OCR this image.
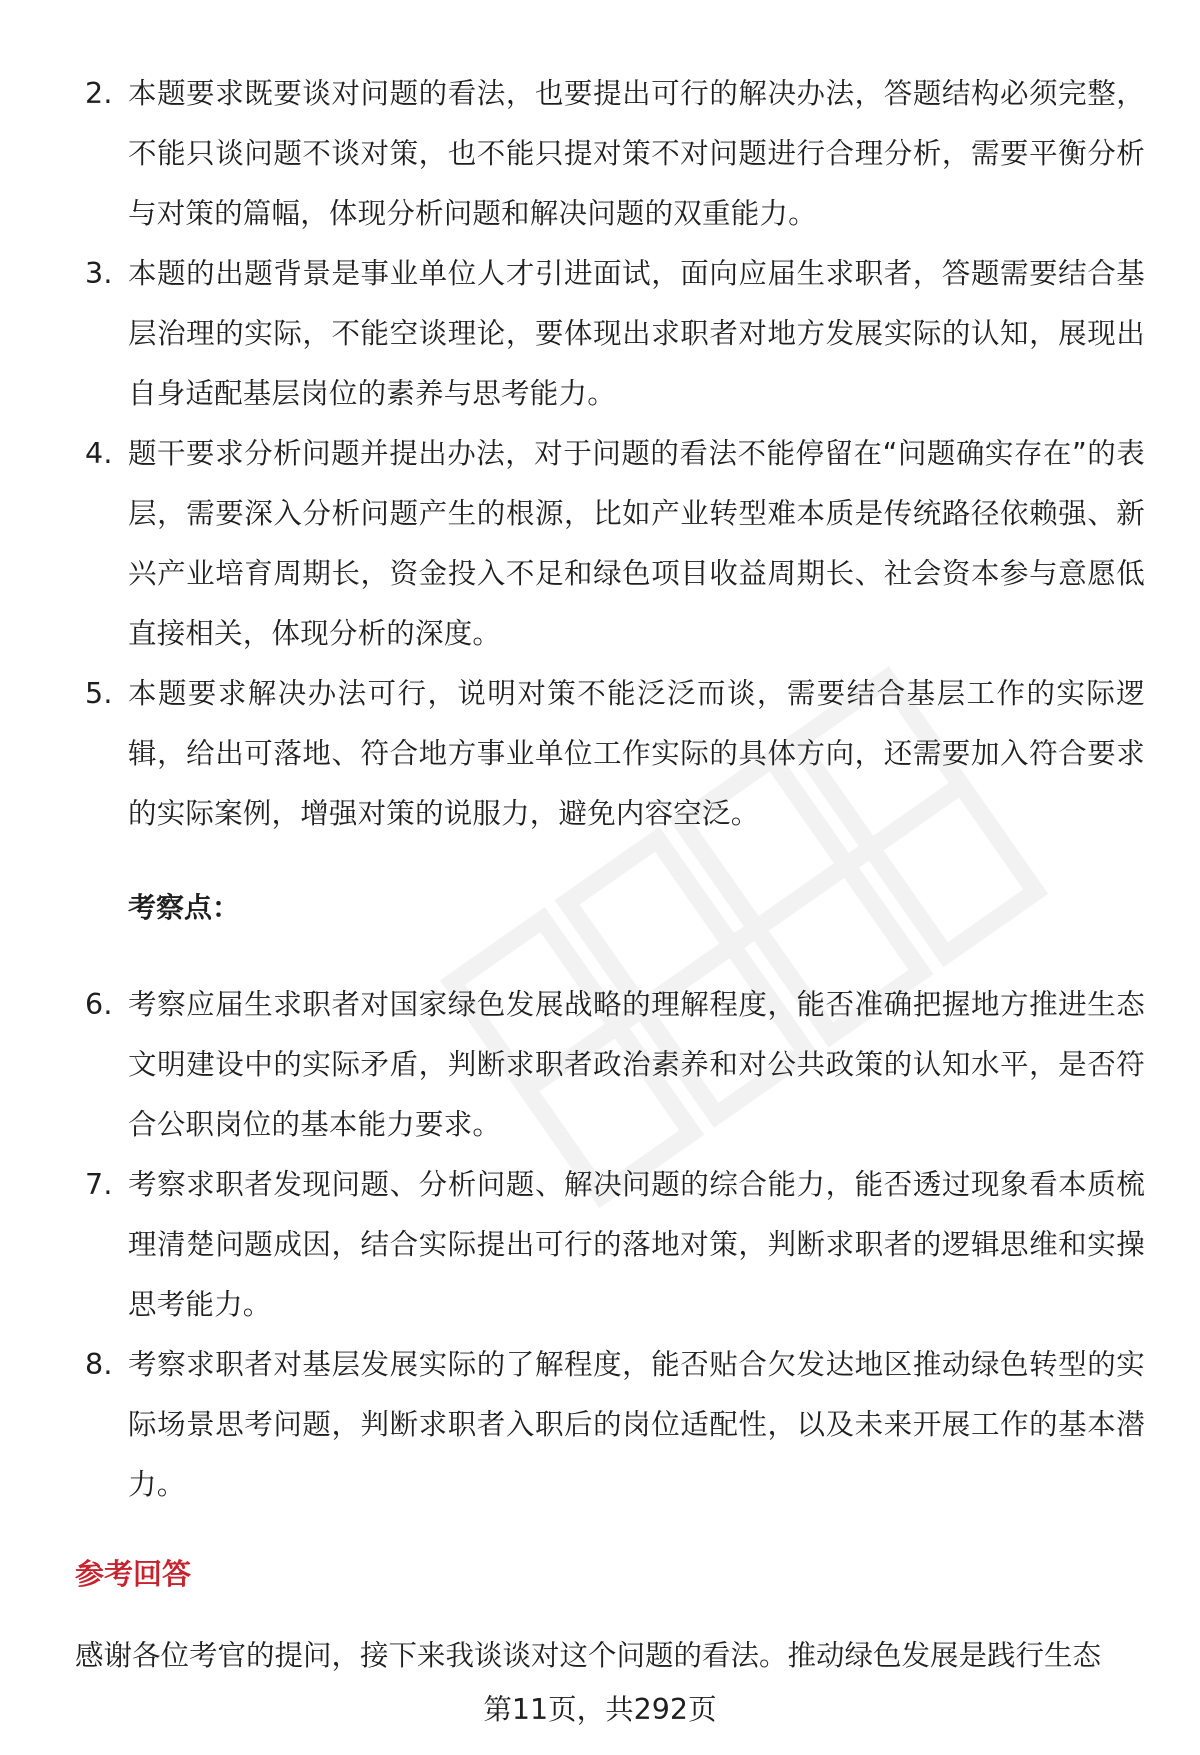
2. 本题要求既要谈对问题的看法，也要提出可行的解决办法，答题结构必须完整，不能只谈问题不谈对策，也不能只提对策不对问题进行合理分析，需要平衡分析与对策的篇幅，体现分析问题和解决问题的双重能力。
3. 本题的出题背景是事业单位人才引进面试，面向应届生求职者，答题需要结合基层治理的实际，不能空谈理论，要体现出求职者对地方发展实际的认知，展现出自身适配基层岗位的素养与思考能力。
4. 题干要求分析问题并提出办法，对于问题的看法不能停留在“问题确实存在”的表层，需要深入分析问题产生的根源，比如产业转型难本质是传统路径依赖强、新兴产业培育周期长，资金投入不足和绿色项目收益周期长、社会资本参与意愿低直接相关，体现分析的深度。
5. 本题要求解决办法可行，说明对策不能泛泛而谈，需要结合基层工作的实际逻辑，给出可落地、符合地方事业单位工作实际的具体方向，还需要加入符合要求的实际案例，增强对策的说服力，避免内容空泛。
考察点：
6. 考察应届生求职者对国家绿色发展战略的理解程度，能否准确把握地方推进生态文明建设中的实际矛盾，判断求职者政治素养和对公共政策的认知水平，是否符合公职岗位的基本能力要求。
7. 考察求职者发现问题、分析问题、解决问题的综合能力，能否透过现象看本质梳理清楚问题成因，结合实际提出可行的落地对策，判断求职者的逻辑思维和实操思考能力。
8. 考察求职者对基层发展实际的了解程度，能否贴合欠发达地区推动绿色转型的实际场景思考问题，判断求职者入职后的岗位适配性，以及未来开展工作的基本潜力。
参考回答
感谢各位考官的提问，接下来我谈谈对这个问题的看法。推动绿色发展是践行生态
第11页，共292页
